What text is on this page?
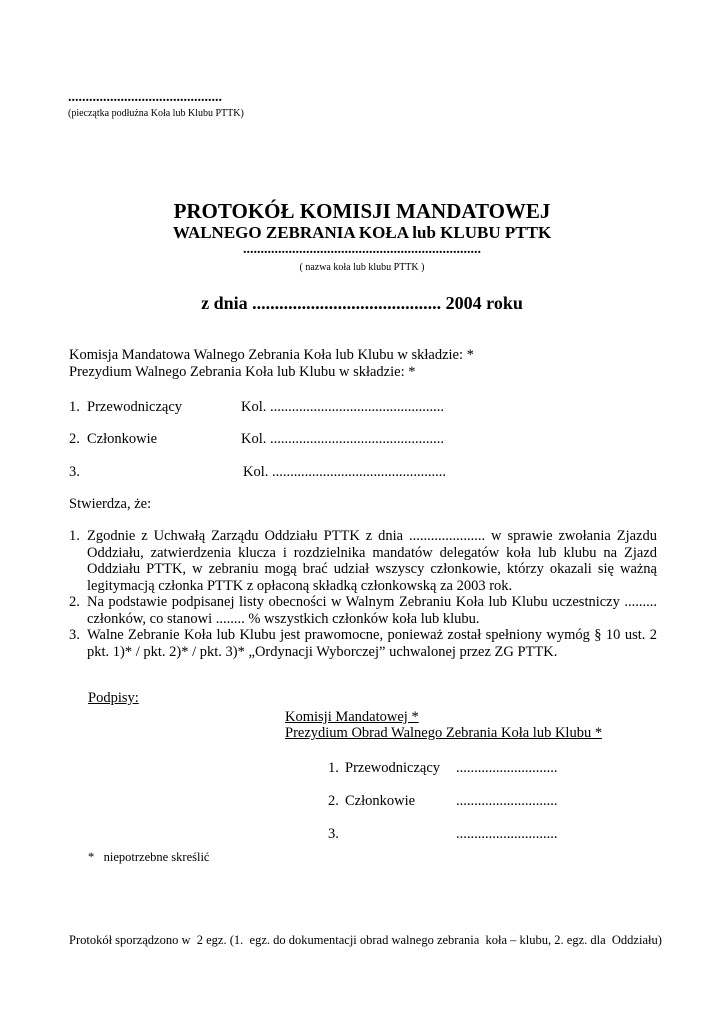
............................................
(pieczątka podłużna Koła lub Klubu PTTK)
PROTOKÓŁ KOMISJI MANDATOWEJ
WALNEGO ZEBRANIA KOŁA lub KLUBU PTTK
....................................................................
( nazwa koła lub klubu PTTK )
z dnia .......................................... 2004 roku
Komisja Mandatowa Walnego Zebrania Koła lub Klubu w składzie: *
Prezydium Walnego Zebrania Koła lub Klubu w składzie: *
1. Przewodniczący	Kol. ................................................
2. Członkowie	Kol. ................................................
3.	Kol. ................................................
Stwierdza, że:
1. Zgodnie z Uchwałą Zarządu Oddziału PTTK z dnia ..................... w sprawie zwołania Zjazdu Oddziału, zatwierdzenia klucza i rozdzielnika mandatów delegatów koła lub klubu na Zjazd Oddziału PTTK, w zebraniu mogą brać udział wszyscy członkowie, którzy okazali się ważną legitymacją członka PTTK z opłaconą składką członkowską za 2003 rok.
2. Na podstawie podpisanej listy obecności w Walnym Zebraniu Koła lub Klubu uczestniczy ......... członków, co stanowi ........ % wszystkich członków koła lub klubu.
3. Walne Zebranie Koła lub Klubu jest prawomocne, ponieważ został spełniony wymóg § 10 ust. 2 pkt. 1)* / pkt. 2)* / pkt. 3)* „Ordynacji Wyborczej” uchwalonej przez ZG PTTK.
Podpisy:
Komisji Mandatowej *
Prezydium Obrad Walnego Zebrania Koła lub Klubu *
1. Przewodniczący ............................
2. Członkowie	............................
3.	............................
*   niepotrzebne skreślić
Protokół sporządzono w  2 egz. (1.  egz. do dokumentacji obrad walnego zebrania  koła – klubu, 2. egz. dla  Oddziału)
